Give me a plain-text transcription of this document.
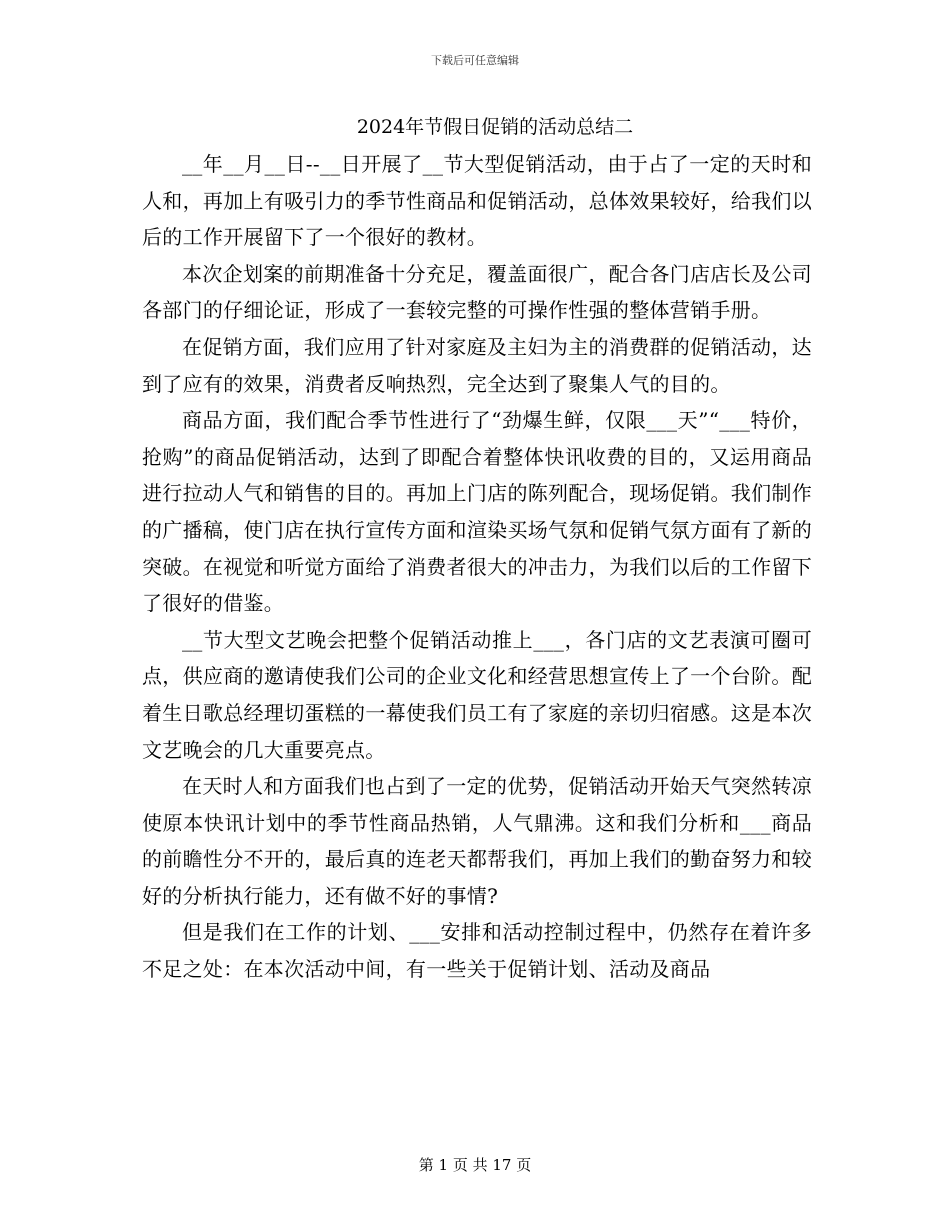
下载后可任意编辑
2024年节假日促销的活动总结二

__年__月__日--__日开展了__节大型促销活动，由于占了一定的天时和人和，再加上有吸引力的季节性商品和促销活动，总体效果较好，给我们以后的工作开展留下了一个很好的教材。

本次企划案的前期准备十分充足，覆盖面很广，配合各门店店长及公司各部门的仔细论证，形成了一套较完整的可操作性强的整体营销手册。

在促销方面，我们应用了针对家庭及主妇为主的消费群的促销活动，达到了应有的效果，消费者反响热烈，完全达到了聚集人气的目的。

商品方面，我们配合季节性进行了“劲爆生鲜，仅限___天”“___特价，抢购”的商品促销活动，达到了即配合着整体快讯收费的目的，又运用商品进行拉动人气和销售的目的。再加上门店的陈列配合，现场促销。我们制作的广播稿，使门店在执行宣传方面和渲染买场气氛和促销气氛方面有了新的突破。在视觉和听觉方面给了消费者很大的冲击力，为我们以后的工作留下了很好的借鉴。

__节大型文艺晚会把整个促销活动推上___，各门店的文艺表演可圈可点，供应商的邀请使我们公司的企业文化和经营思想宣传上了一个台阶。配着生日歌总经理切蛋糕的一幕使我们员工有了家庭的亲切归宿感。这是本次文艺晚会的几大重要亮点。

在天时人和方面我们也占到了一定的优势，促销活动开始天气突然转凉使原本快讯计划中的季节性商品热销，人气鼎沸。这和我们分析和___商品的前瞻性分不开的，最后真的连老天都帮我们，再加上我们的勤奋努力和较好的分析执行能力，还有做不好的事情?

但是我们在工作的计划、___安排和活动控制过程中，仍然存在着许多不足之处：在本次活动中间，有一些关于促销计划、活动及商品

第 1 页 共 17 页
